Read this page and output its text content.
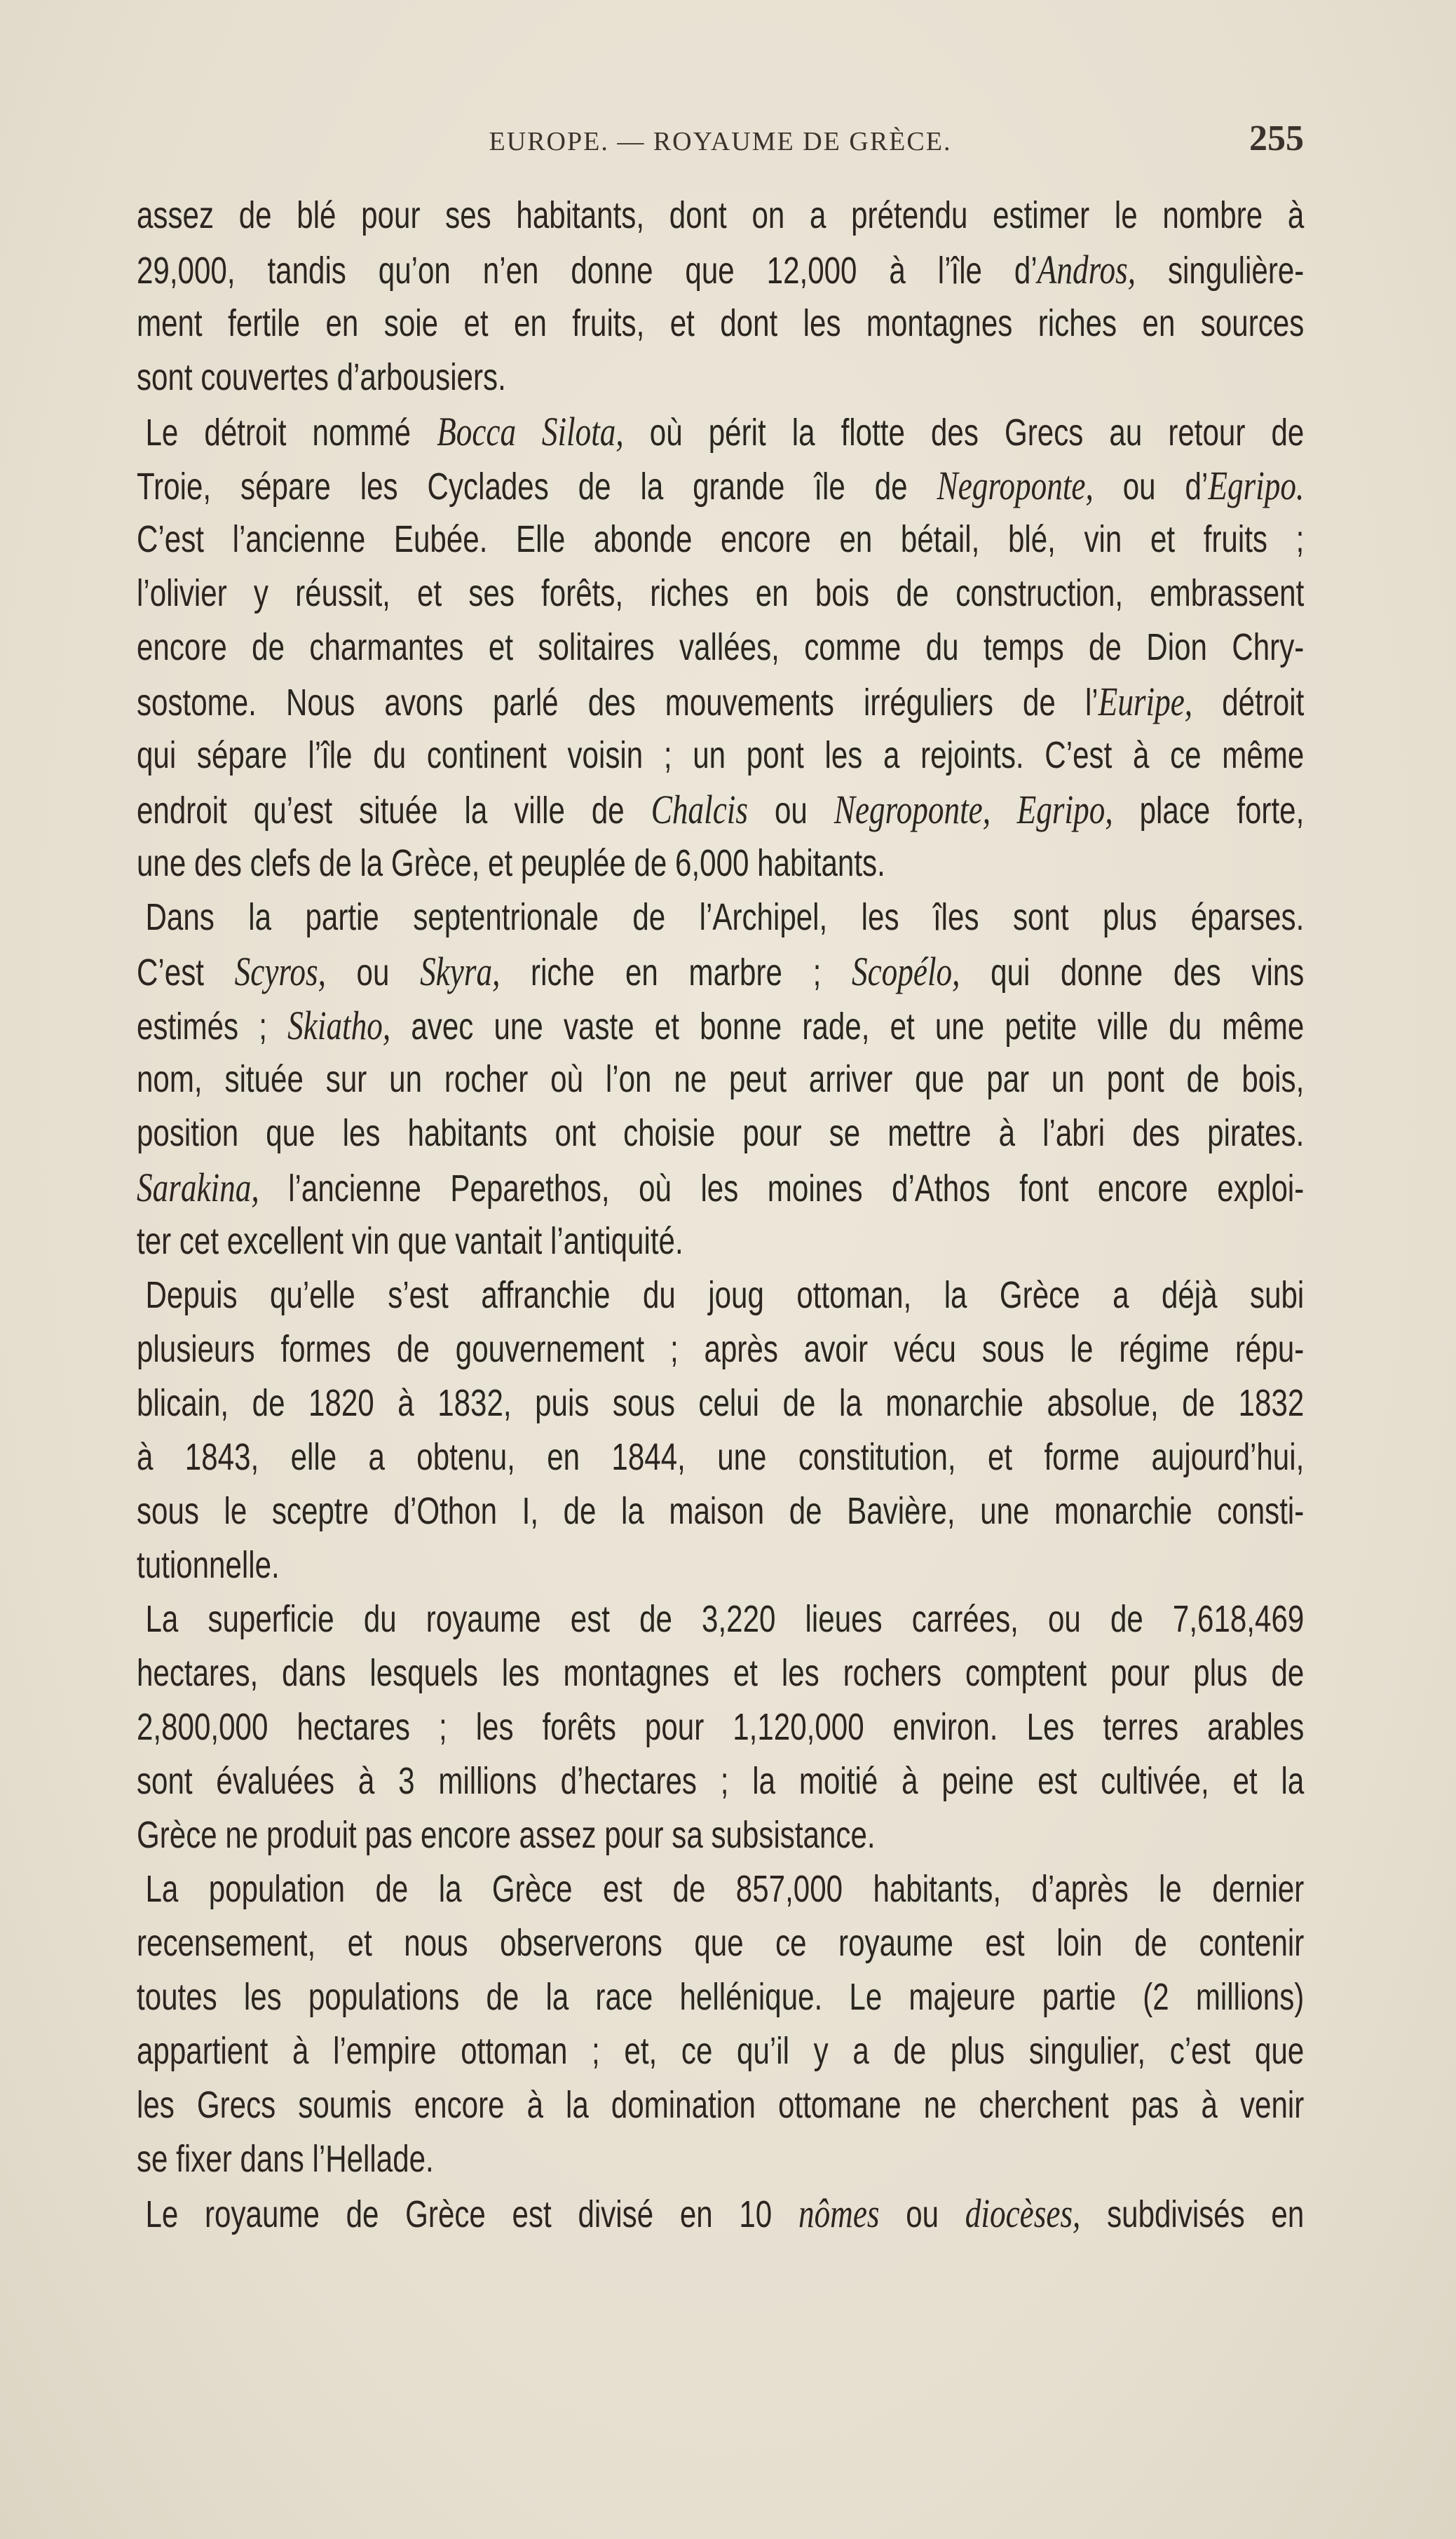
EUROPE. — ROYAUME DE GRÈCE.	255
assez de blé pour ses habitants, dont on a prétendu estimer le nombre à
29,000, tandis qu’on n’en donne que 12,000 à l’île d’Andros, singulière-
ment fertile en soie et en fruits, et dont les montagnes riches en sources
sont couvertes d’arbousiers.
Le détroit nommé Bocca Silota, où périt la flotte des Grecs au retour de
Troie, sépare les Cyclades de la grande île de Negroponte, ou d’Egripo.
C’est l’ancienne Eubée. Elle abonde encore en bétail, blé, vin et fruits ;
l’olivier y réussit, et ses forêts, riches en bois de construction, embrassent
encore de charmantes et solitaires vallées, comme du temps de Dion Chry-
sostome. Nous avons parlé des mouvements irréguliers de l’Euripe, détroit
qui sépare l’île du continent voisin ; un pont les a rejoints. C’est à ce même
endroit qu’est située la ville de Chalcis ou Negroponte, Egripo, place forte,
une des clefs de la Grèce, et peuplée de 6,000 habitants.
Dans la partie septentrionale de l’Archipel, les îles sont plus éparses.
C’est Scyros, ou Skyra, riche en marbre ; Scopélo, qui donne des vins
estimés ; Skiatho, avec une vaste et bonne rade, et une petite ville du même
nom, située sur un rocher où l’on ne peut arriver que par un pont de bois,
position que les habitants ont choisie pour se mettre à l’abri des pirates.
Sarakina, l’ancienne Peparethos, où les moines d’Athos font encore exploi-
ter cet excellent vin que vantait l’antiquité.
Depuis qu’elle s’est affranchie du joug ottoman, la Grèce a déjà subi
plusieurs formes de gouvernement ; après avoir vécu sous le régime répu-
blicain, de 1820 à 1832, puis sous celui de la monarchie absolue, de 1832
à 1843, elle a obtenu, en 1844, une constitution, et forme aujourd’hui,
sous le sceptre d’Othon I, de la maison de Bavière, une monarchie consti-
tutionnelle.
La superficie du royaume est de 3,220 lieues carrées, ou de 7,618,469
hectares, dans lesquels les montagnes et les rochers comptent pour plus de
2,800,000 hectares ; les forêts pour 1,120,000 environ. Les terres arables
sont évaluées à 3 millions d’hectares ; la moitié à peine est cultivée, et la
Grèce ne produit pas encore assez pour sa subsistance.
La population de la Grèce est de 857,000 habitants, d’après le dernier
recensement, et nous observerons que ce royaume est loin de contenir
toutes les populations de la race hellénique. Le majeure partie (2 millions)
appartient à l’empire ottoman ; et, ce qu’il y a de plus singulier, c’est que
les Grecs soumis encore à la domination ottomane ne cherchent pas à venir
se fixer dans l’Hellade.
Le royaume de Grèce est divisé en 10 nômes ou diocèses, subdivisés en
